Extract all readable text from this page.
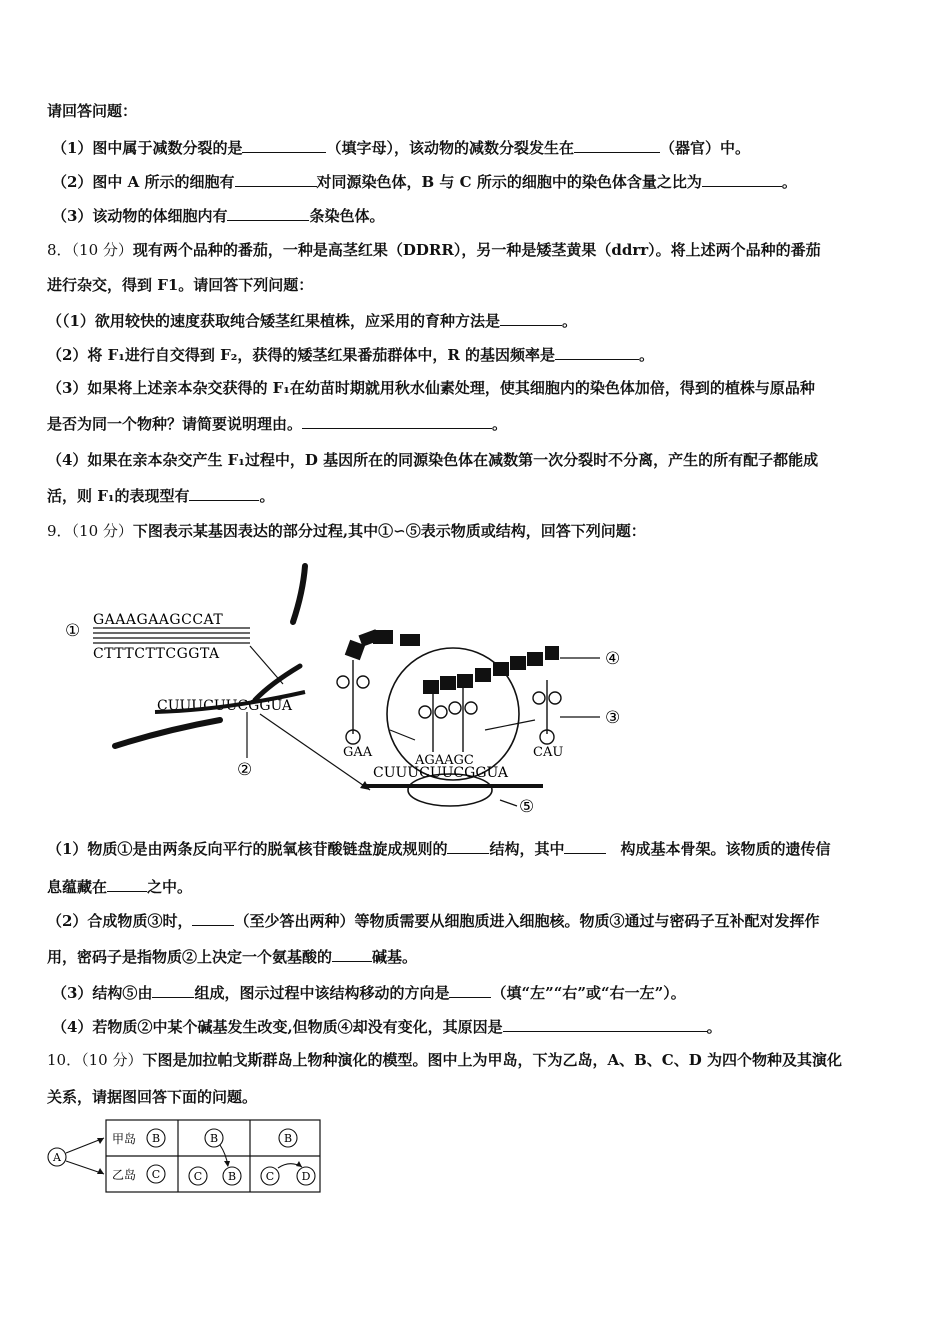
请回答问题：
（1）图中属于减数分裂的是	（填字母），该动物的减数分裂发生在	（器官）中。
（2）图中 A 所示的细胞有	对同源染色体，B 与 C 所示的细胞中的染色体含量之比为	。
（3）该动物的体细胞内有	条染色体。
8．（10 分）现有两个品种的番茄，一种是高茎红果（DDRR），另一种是矮茎黄果（ddrr）。将上述两个品种的番茄
进行杂交，得到 F1。请回答下列问题：
（（1）欲用较快的速度获取纯合矮茎红果植株，应采用的育种方法是	。
（2）将 F₁进行自交得到 F₂，获得的矮茎红果番茄群体中，R 的基因频率是	。
（3）如果将上述亲本杂交获得的 F₁在幼苗时期就用秋水仙素处理，使其细胞内的染色体加倍，得到的植株与原品种
是否为同一个物种？请简要说明理由。	。
（4）如果在亲本杂交产生 F₁过程中，D 基因所在的同源染色体在减数第一次分裂时不分离，产生的所有配子都能成
活，则 F₁的表现型有	。
9．（10 分）下图表示某基因表达的部分过程,其中①∽⑤表示物质或结构，回答下列问题：
①
GAAAGAAGCCAT
CTTTCTTCGGTA
CUUUCUUCGGUA
②	CUUUCUUCGGUA
⑤
GAA
AGAAGC
④
CAU
③
（1）物质①是由两条反向平行的脱氧核苷酸链盘旋成规则的	结构，其中	构成基本骨架。该物质的遗传信
息蕴藏在	之中。
（2）合成物质③时，	（至少答出两种）等物质需要从细胞质进入细胞核。物质③通过与密码子互补配对发挥作
用，密码子是指物质②上决定一个氨基酸的	碱基。
（3）结构⑤由	组成，图示过程中该结构移动的方向是	（填“左”“右”或“右一左”）。
（4）若物质②中某个碱基发生改变,但物质④却没有变化，其原因是	。
10．（10 分）下图是加拉帕戈斯群岛上物种演化的模型。图中上为甲岛，下为乙岛，A、B、C、D 为四个物种及其演化
关系，请据图回答下面的问题。
A
甲岛 B
乙岛 C
B
C B
B
C D
